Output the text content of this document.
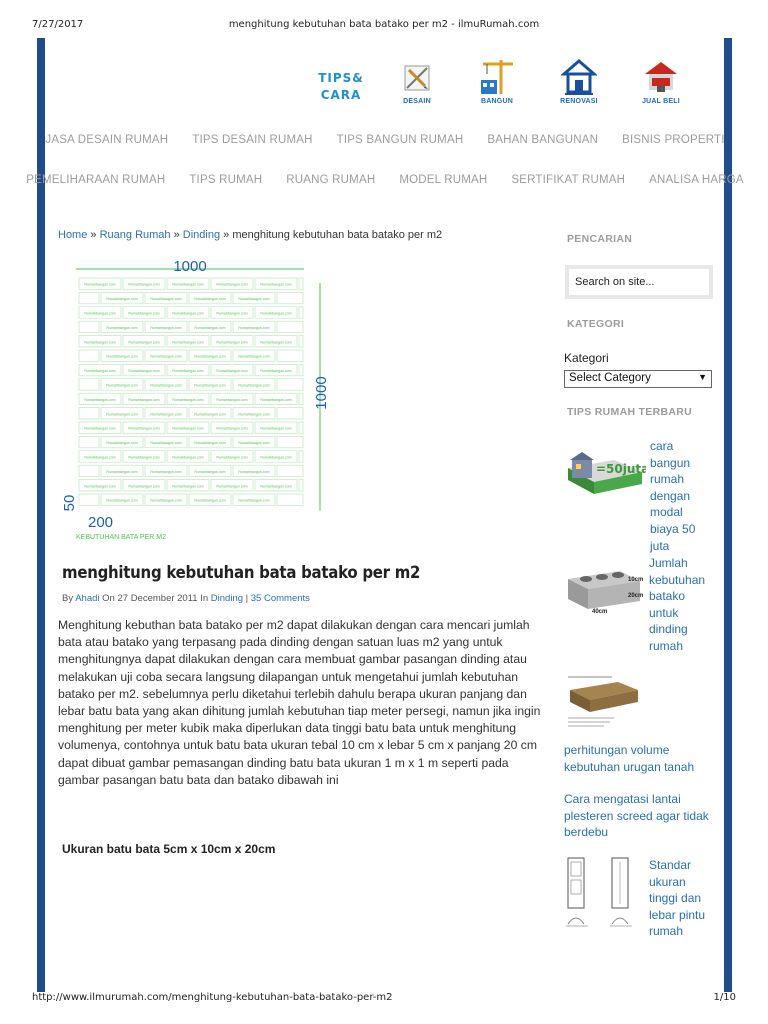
7/27/2017	menghitung kebutuhan bata batako per m2 - ilmuRumah.com
http://www.ilmurumah.com/menghitung-kebutuhan-bata-batako-per-m2	1/10
TIPS&
CARA	DESAIN	BANGUN	RENOVASI	JUAL BELI
JASA DESAIN RUMAH TIPS DESAIN RUMAH TIPS BANGUN RUMAH BAHAN BANGUNAN BISNIS PROPERTI
PEMELIHARAAN RUMAH TIPS RUMAH RUANG RUMAH MODEL RUMAH SERTIFIKAT RUMAH ANALISA HARGA
Home » Ruang Rumah » Dinding » menghitung kebutuhan bata batako per m2
Rumahbangun.com	Rumahbangun.com	Rumahbangun.com	Rumahbangun.com	Rumahbangun.com
Rumahbangun.com	Rumahbangun.com	Rumahbangun.com	Rumahbangun.com
Rumahbangun.com	Rumahbangun.com	Rumahbangun.com	Rumahbangun.com	Rumahbangun.com
Rumahbangun.com	Rumahbangun.com	Rumahbangun.com	Rumahbangun.com
Rumahbangun.com	Rumahbangun.com	Rumahbangun.com	Rumahbangun.com	Rumahbangun.com
Rumahbangun.com	Rumahbangun.com	Rumahbangun.com	Rumahbangun.com
Rumahbangun.com	Rumahbangun.com	Rumahbangun.com	Rumahbangun.com	Rumahbangun.com
Rumahbangun.com	Rumahbangun.com	Rumahbangun.com	Rumahbangun.com
Rumahbangun.com	Rumahbangun.com	Rumahbangun.com	Rumahbangun.com	Rumahbangun.com
Rumahbangun.com	Rumahbangun.com	Rumahbangun.com	Rumahbangun.com
Rumahbangun.com	Rumahbangun.com	Rumahbangun.com	Rumahbangun.com	Rumahbangun.com
Rumahbangun.com	Rumahbangun.com	Rumahbangun.com	Rumahbangun.com
Rumahbangun.com	Rumahbangun.com	Rumahbangun.com	Rumahbangun.com	Rumahbangun.com
Rumahbangun.com	Rumahbangun.com	Rumahbangun.com	Rumahbangun.com
Rumahbangun.com	Rumahbangun.com	Rumahbangun.com	Rumahbangun.com	Rumahbangun.com
Rumahbangun.com	Rumahbangun.com	Rumahbangun.com	Rumahbangun.com
1000
1000
50
200
KEBUTUHAN BATA PER M2
menghitung kebutuhan bata batako per m2
By Ahadi On 27 December 2011 In Dinding | 35 Comments
Menghitung kebuthan bata batako per m2 dapat dilakukan dengan cara mencari jumlah bata atau batako yang terpasang pada dinding dengan satuan luas m2 yang untuk menghitungnya dapat dilakukan dengan cara membuat gambar pasangan dinding atau melakukan uji coba secara langsung dilapangan untuk mengetahui jumlah kebutuhan batako per m2. sebelumnya perlu diketahui terlebih dahulu berapa ukuran panjang dan lebar batu bata yang akan dihitung jumlah kebutuhan tiap meter persegi, namun jika ingin menghitung per meter kubik maka diperlukan data tinggi batu bata untuk menghitung volumenya, contohnya untuk batu bata ukuran tebal 10 cm x lebar 5 cm x panjang 20 cm dapat dibuat gambar pemasangan dinding batu bata ukuran 1 m x 1 m seperti pada gambar pasangan batu bata dan batako dibawah ini
Ukuran batu bata 5cm x 10cm x 20cm
PENCARIAN
Search on site...
KATEGORI
Kategori
Select Category	▼
TIPS RUMAH TERBARU
=50juta
cara bangun rumah dengan modal biaya 50 juta
10cm
20cm
40cm
Jumlah kebutuhan batako untuk dinding rumah
perhitungan volume kebutuhan urugan tanah
Cara mengatasi lantai plesteren screed agar tidak berdebu
Standar ukuran tinggi dan lebar pintu rumah
